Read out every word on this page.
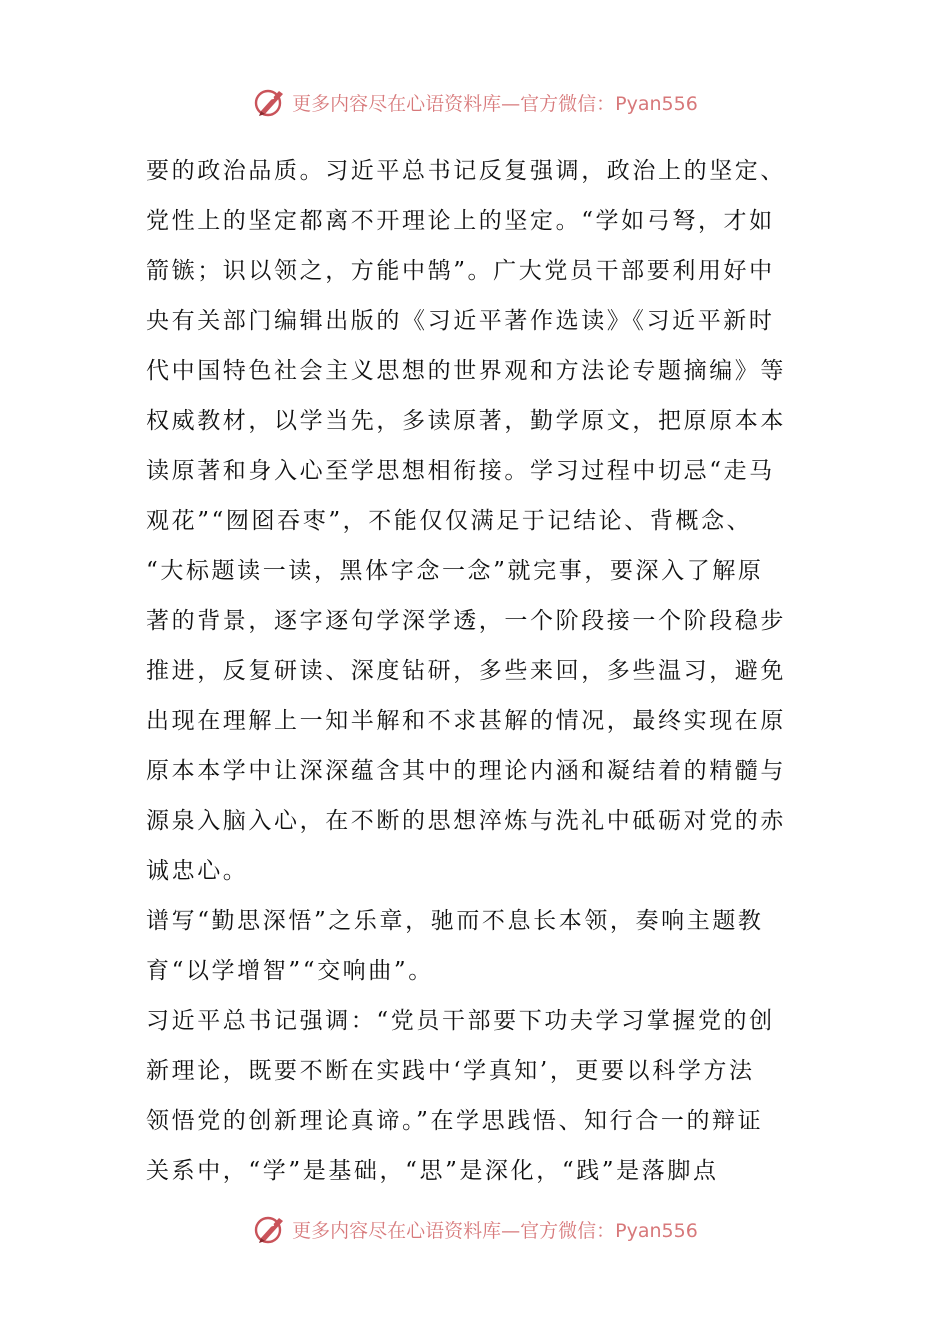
更多内容尽在心语资料库—官方微信：Pyan556
要的政治品质。习近平总书记反复强调，政治上的坚定、
党性上的坚定都离不开理论上的坚定。“学如弓弩，才如
箭镞；识以领之，方能中鹄”。广大党员干部要利用好中
央有关部门编辑出版的《习近平著作选读》《习近平新时
代中国特色社会主义思想的世界观和方法论专题摘编》等
权威教材，以学当先，多读原著，勤学原文，把原原本本
读原著和身入心至学思想相衔接。学习过程中切忌“走马
观花”“囫囵吞枣”，不能仅仅满足于记结论、背概念、
“大标题读一读，黑体字念一念”就完事，要深入了解原
著的背景，逐字逐句学深学透，一个阶段接一个阶段稳步
推进，反复研读、深度钻研，多些来回，多些温习，避免
出现在理解上一知半解和不求甚解的情况，最终实现在原
原本本学中让深深蕴含其中的理论内涵和凝结着的精髓与
源泉入脑入心，在不断的思想淬炼与洗礼中砥砺对党的赤
诚忠心。
谱写“勤思深悟”之乐章，驰而不息长本领，奏响主题教
育“以学增智”“交响曲”。
习近平总书记强调：“党员干部要下功夫学习掌握党的创
新理论，既要不断在实践中‘学真知’，更要以科学方法
领悟党的创新理论真谛。”在学思践悟、知行合一的辩证
关系中，“学”是基础，“思”是深化，“践”是落脚点
更多内容尽在心语资料库—官方微信：Pyan556
